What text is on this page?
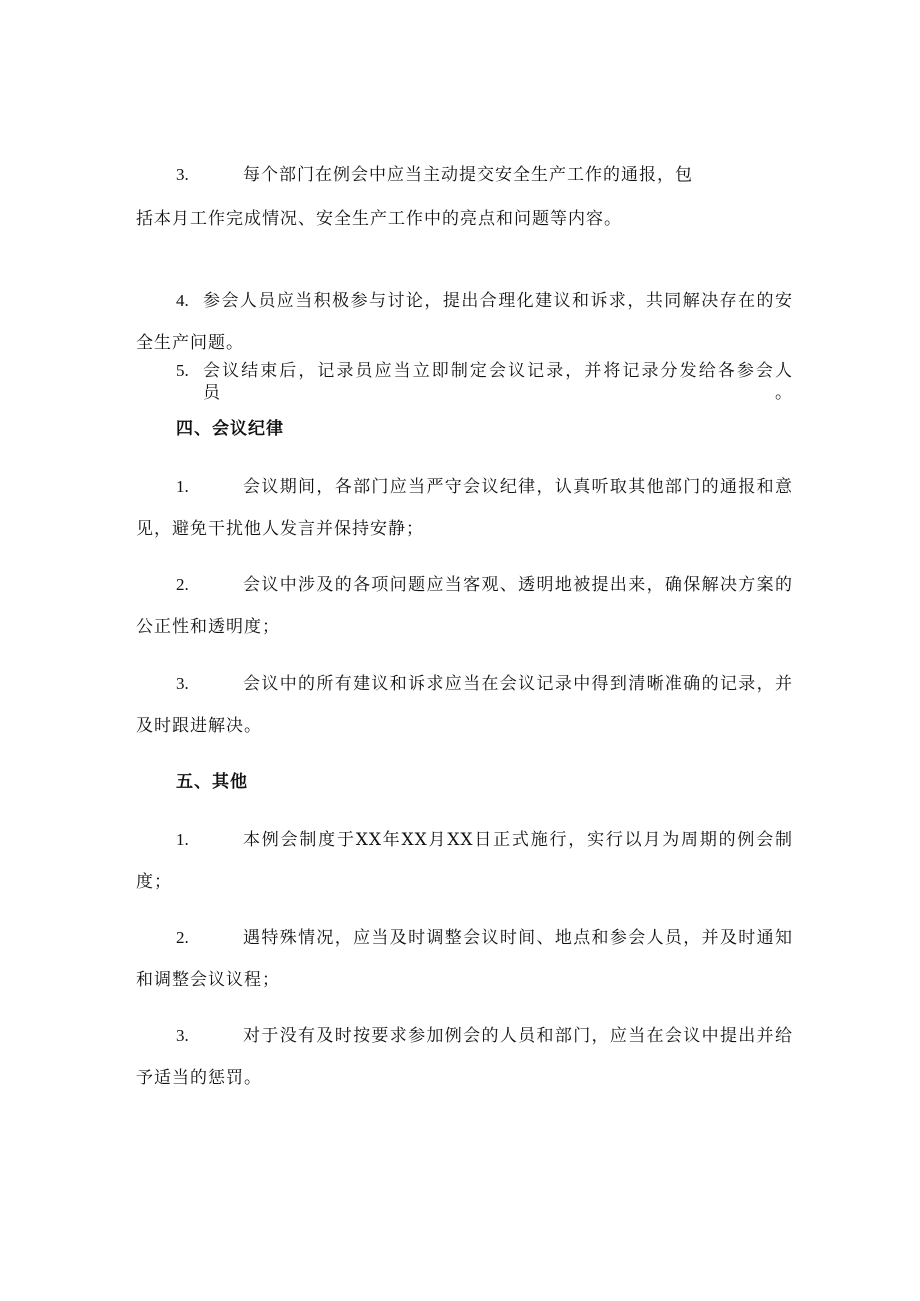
3.	每个部门在例会中应当主动提交安全生产工作的通报，包
括本月工作完成情况、安全生产工作中的亮点和问题等内容。
4. 参会人员应当积极参与讨论，提出合理化建议和诉求，共同解决存在的安
全生产问题。
5. 会议结束后，记录员应当立即制定会议记录，并将记录分发给各参会人员。
四、会议纪律
1.	会议期间，各部门应当严守会议纪律，认真听取其他部门的通报和意
见，避免干扰他人发言并保持安静；
2.	会议中涉及的各项问题应当客观、透明地被提出来，确保解决方案的
公正性和透明度；
3.	会议中的所有建议和诉求应当在会议记录中得到清晰准确的记录，并
及时跟进解决。
五、其他
1.	本例会制度于XX年XX月XX日正式施行，实行以月为周期的例会制
度；
2.	遇特殊情况，应当及时调整会议时间、地点和参会人员，并及时通知
和调整会议议程；
3.	对于没有及时按要求参加例会的人员和部门，应当在会议中提出并给
予适当的惩罚。
